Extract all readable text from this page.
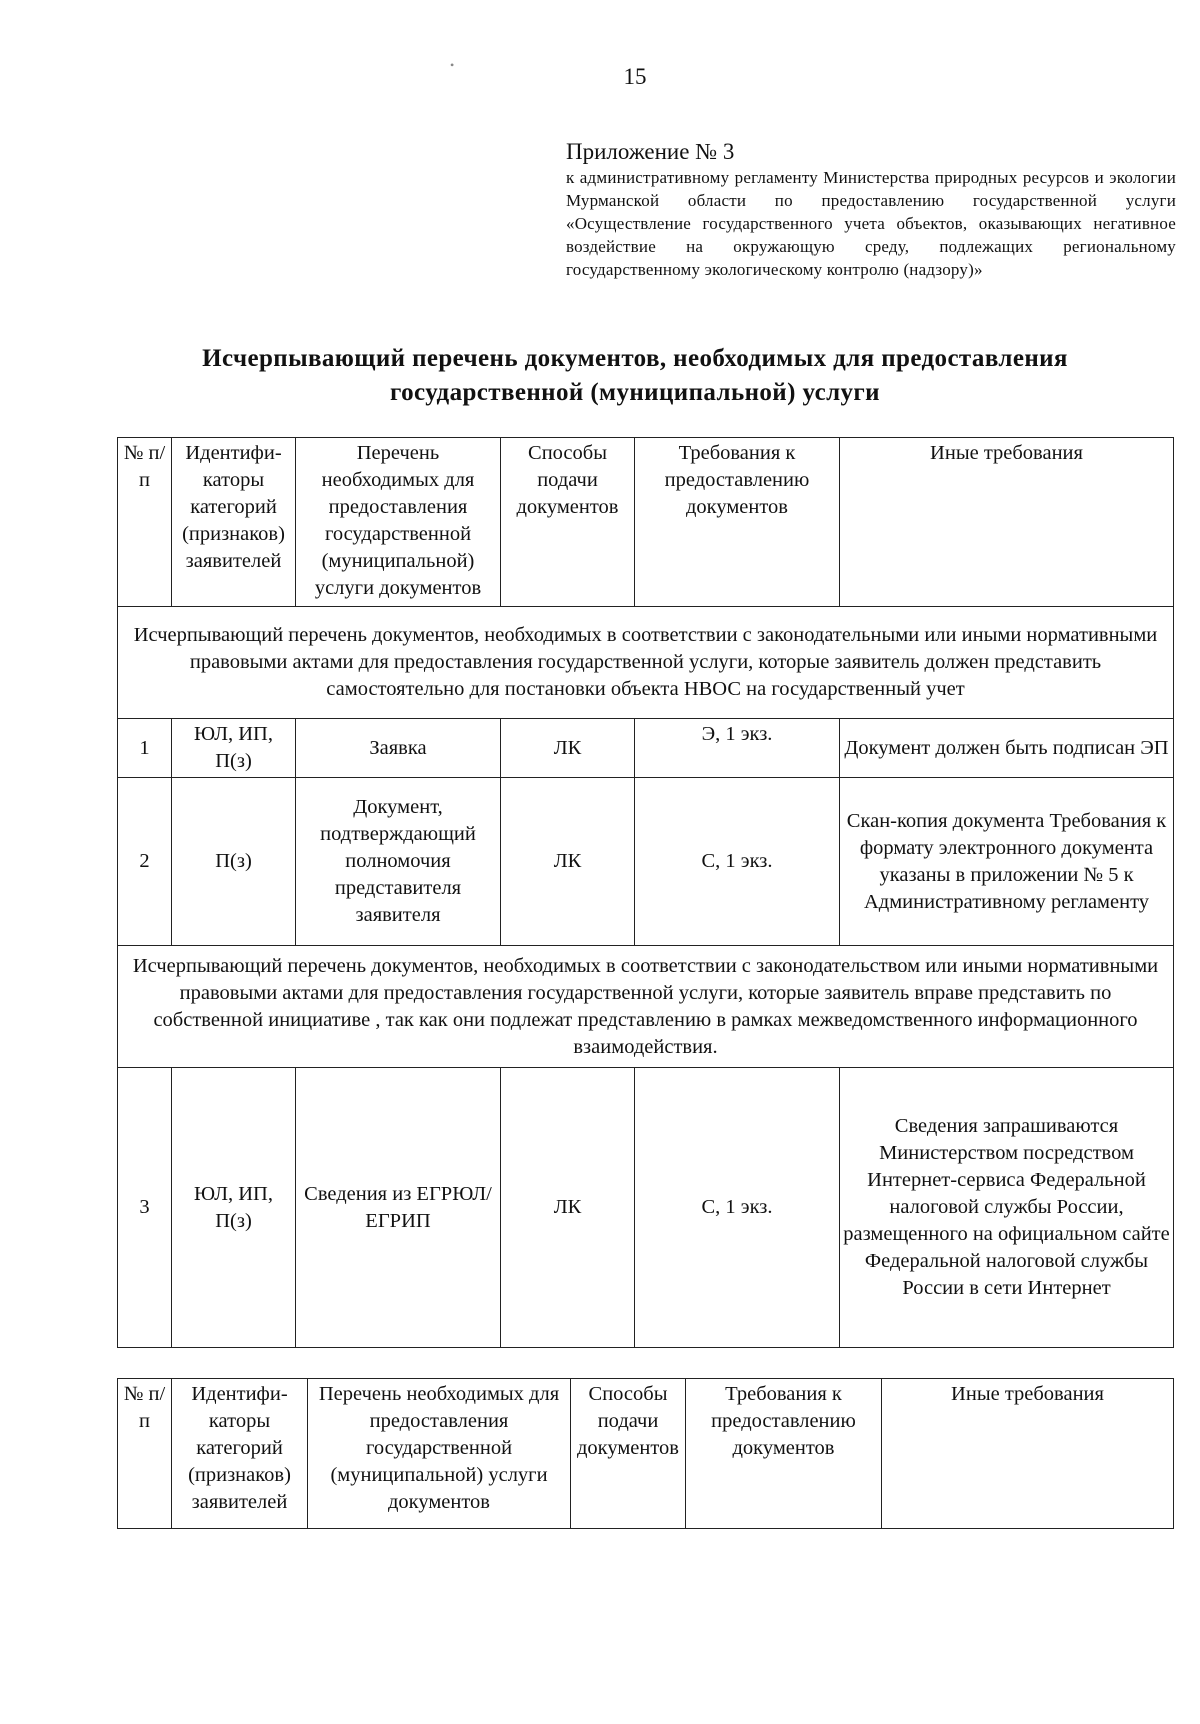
15
•
Приложение № 3
к административному регламенту Министерства природных ресурсов и экологии Мурманской области по предоставлению государственной услуги «Осуществление государственного учета объектов, оказывающих негативное воздействие на окружающую среду, подлежащих региональному государственному экологическому контролю (надзору)»
Исчерпывающий перечень документов, необходимых для предоставления
государственной (муниципальной) услуги
№ п/п	Идентифи-каторы категорий (признаков) заявителей	Перечень необходимых для предоставления государственной (муниципальной) услуги документов	Способы подачи документов	Требования к предоставлению документов	Иные требования
Исчерпывающий перечень документов, необходимых в соответствии с законодательными или иными нормативными правовыми актами для предоставления государственной услуги, которые заявитель должен представить самостоятельно для постановки объекта НВОС на государственный учет					
1	ЮЛ, ИП, П(з)	Заявка	ЛК	Э, 1 экз.	Документ должен быть подписан ЭП
2	П(з)	Документ, подтверждающий полномочия представителя заявителя	ЛК	С, 1 экз.	Скан-копия документа Требования к формату электронного документа указаны в приложении № 5 к Административному регламенту
Исчерпывающий перечень документов, необходимых в соответствии с законодательством или иными нормативными правовыми актами для предоставления государственной услуги, которые заявитель вправе представить по собственной инициативе , так как они подлежат представлению в рамках межведомственного информационного взаимодействия.					
3	ЮЛ, ИП, П(з)	Сведения из ЕГРЮЛ/ЕГРИП	ЛК	С, 1 экз.	Сведения запрашиваются Министерством посредством Интернет-сервиса Федеральной налоговой службы России, размещенного на официальном сайте Федеральной налоговой службы России в сети Интернет
№ п/п	Идентифи-каторы категорий (признаков) заявителей	Перечень необходимых для предоставления государственной (муниципальной) услуги документов	Способы подачи документов	Требования к предоставлению документов	Иные требования
